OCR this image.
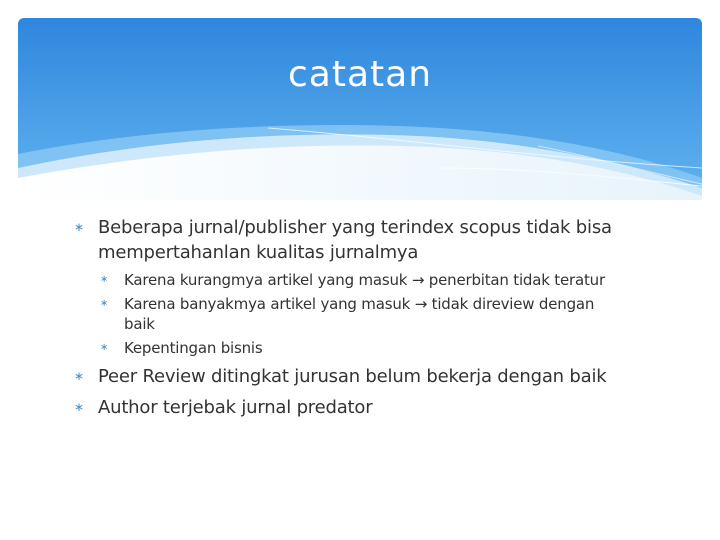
catatan
∗ Beberapa jurnal/publisher yang terindex scopus tidak bisa mempertahanlan kualitas jurnalmya
∗ Karena kurangmya artikel yang masuk → penerbitan tidak teratur
∗ Karena banyakmya artikel yang masuk → tidak direview dengan baik
∗ Kepentingan bisnis
∗ Peer Review ditingkat jurusan belum bekerja dengan baik
∗ Author terjebak jurnal predator
